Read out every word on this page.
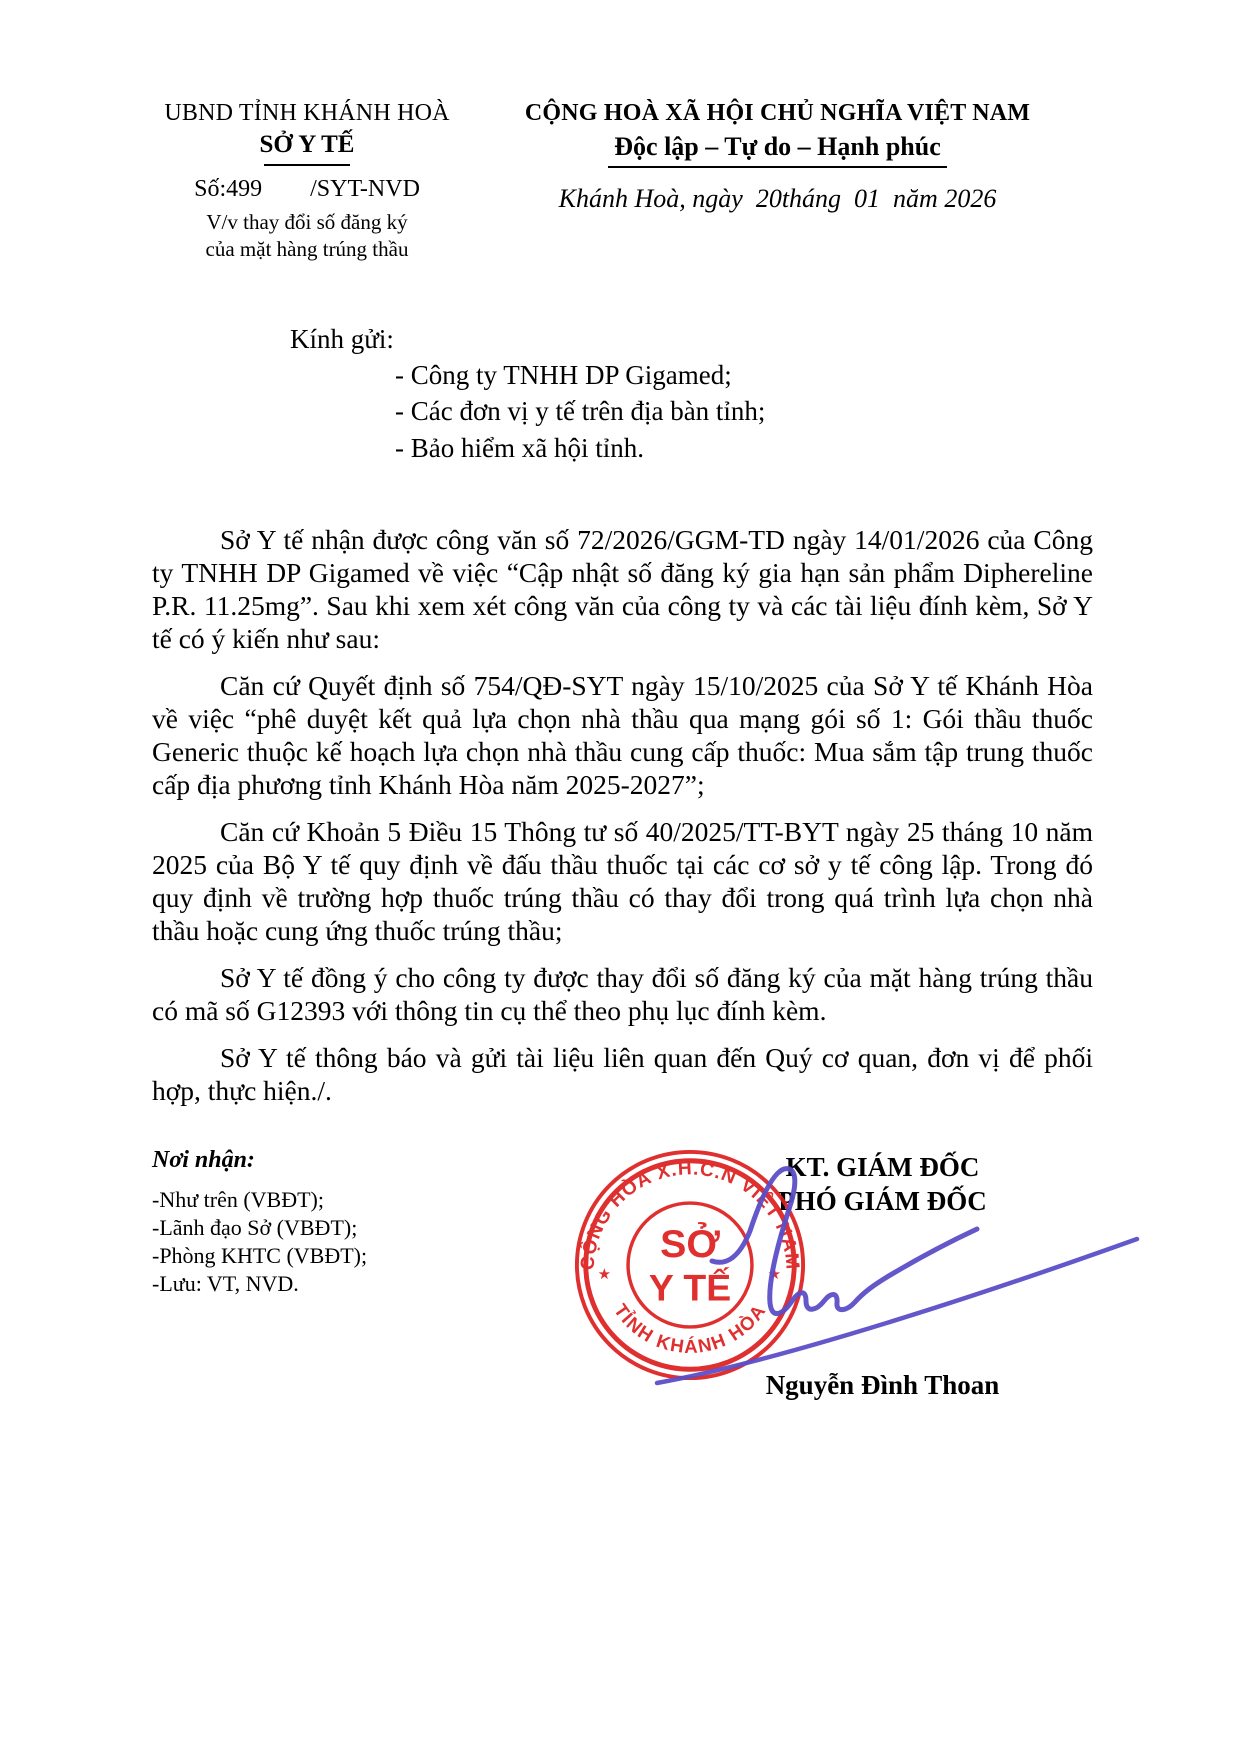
UBND TỈNH KHÁNH HOÀ
SỞ Y TẾ
Số:499        /SYT-NVD
V/v thay đổi số đăng ký
của mặt hàng trúng thầu
CỘNG HOÀ XÃ HỘI CHỦ NGHĨA VIỆT NAM
Độc lập – Tự do – Hạnh phúc
Khánh Hoà, ngày  20tháng  01  năm 2026
Kính gửi:
- Công ty TNHH DP Gigamed;
- Các đơn vị y tế trên địa bàn tỉnh;
- Bảo hiểm xã hội tỉnh.

Sở Y tế nhận được công văn số 72/2026/GGM-TD ngày 14/01/2026 của Công ty TNHH DP Gigamed về việc “Cập nhật số đăng ký gia hạn sản phẩm Diphereline P.R. 11.25mg”. Sau khi xem xét công văn của công ty và các tài liệu đính kèm, Sở Y tế có ý kiến như sau:

Căn cứ Quyết định số 754/QĐ-SYT ngày 15/10/2025 của Sở Y tế Khánh Hòa về việc “phê duyệt kết quả lựa chọn nhà thầu qua mạng gói số 1: Gói thầu thuốc Generic thuộc kế hoạch lựa chọn nhà thầu cung cấp thuốc: Mua sắm tập trung thuốc cấp địa phương tỉnh Khánh Hòa năm 2025-2027”;

Căn cứ Khoản 5 Điều 15 Thông tư số 40/2025/TT-BYT ngày 25 tháng 10 năm 2025 của Bộ Y tế quy định về đấu thầu thuốc tại các cơ sở y tế công lập. Trong đó quy định về trường hợp thuốc trúng thầu có thay đổi trong quá trình lựa chọn nhà thầu hoặc cung ứng thuốc trúng thầu;

Sở Y tế đồng ý cho công ty được thay đổi số đăng ký của mặt hàng trúng thầu có mã số G12393 với thông tin cụ thể theo phụ lục đính kèm.

Sở Y tế thông báo và gửi tài liệu liên quan đến Quý cơ quan, đơn vị để phối hợp, thực hiện./.

Nơi nhận:
-Như trên (VBĐT);
-Lãnh đạo Sở (VBĐT);
-Phòng KHTC (VBĐT);
-Lưu: VT, NVD.
KT. GIÁM ĐỐC
PHÓ GIÁM ĐỐC
Nguyễn Đình Thoan
CỘNG HÒA X.H.C.N VIỆT NAM
TỈNH KHÁNH HÒA
★	★
SỞ
Y TẾ
